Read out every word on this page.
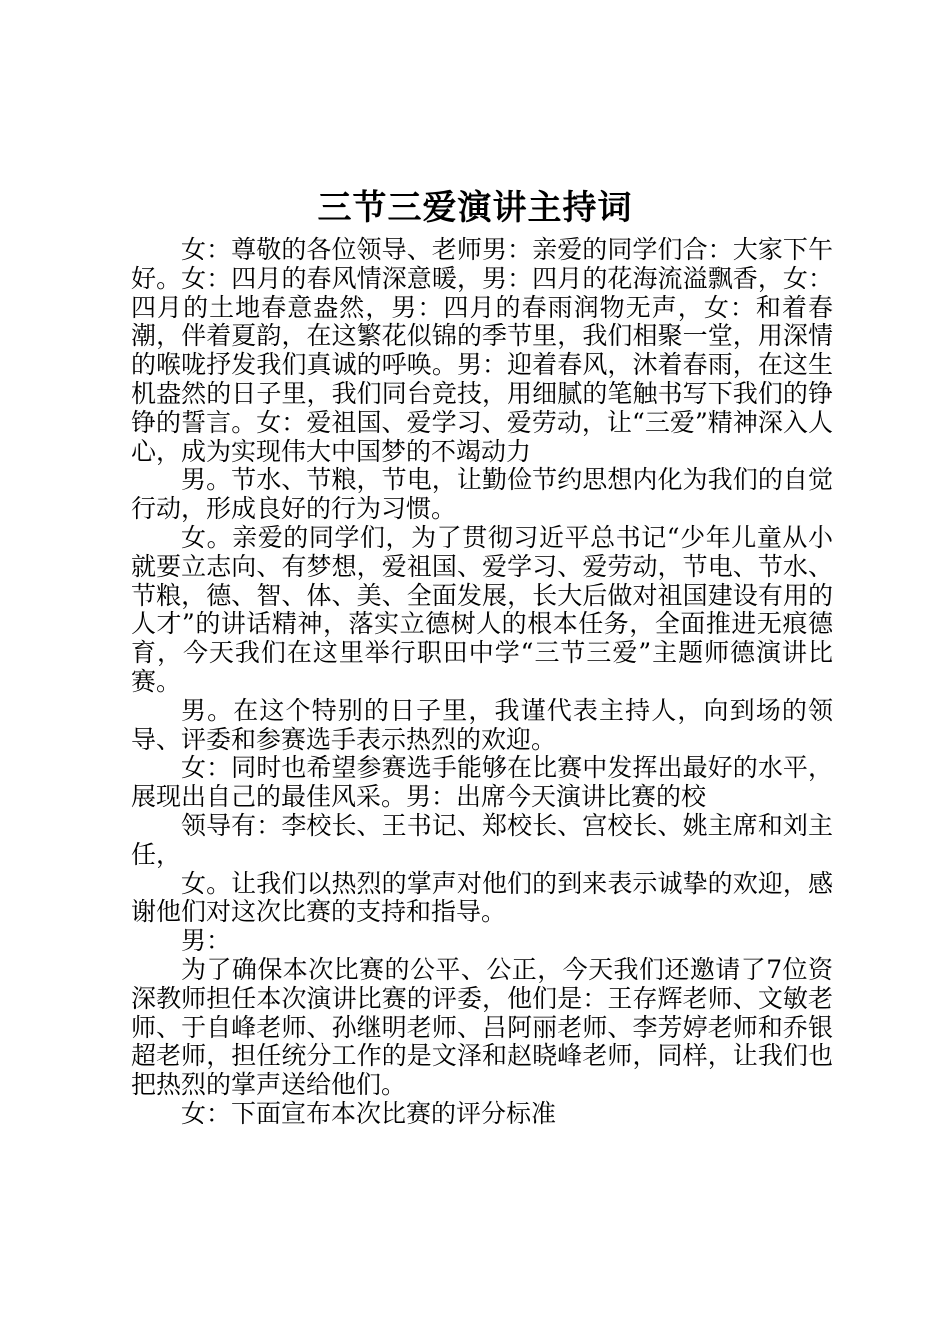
三节三爱演讲主持词

女：尊敬的各位领导、老师男：亲爱的同学们合：大家下午好。女：四月的春风情深意暖，男：四月的花海流溢飘香，女：四月的土地春意盎然，男：四月的春雨润物无声，女：和着春潮，伴着夏韵，在这繁花似锦的季节里，我们相聚一堂，用深情的喉咙抒发我们真诚的呼唤。男：迎着春风，沐着春雨，在这生机盎然的日子里，我们同台竞技，用细腻的笔触书写下我们的铮铮的誓言。女：爱祖国、爱学习、爱劳动，让“三爱”精神深入人心，成为实现伟大中国梦的不竭动力

男。节水、节粮，节电，让勤俭节约思想内化为我们的自觉行动，形成良好的行为习惯。

女。亲爱的同学们，为了贯彻习近平总书记“少年儿童从小就要立志向、有梦想，爱祖国、爱学习、爱劳动，节电、节水、节粮，德、智、体、美、全面发展，长大后做对祖国建设有用的人才”的讲话精神，落实立德树人的根本任务，全面推进无痕德育，今天我们在这里举行职田中学“三节三爱”主题师德演讲比赛。

男。在这个特别的日子里，我谨代表主持人，向到场的领导、评委和参赛选手表示热烈的欢迎。

女：同时也希望参赛选手能够在比赛中发挥出最好的水平，展现出自己的最佳风采。男：出席今天演讲比赛的校

领导有：李校长、王书记、郑校长、宫校长、姚主席和刘主任，

女。让我们以热烈的掌声对他们的到来表示诚挚的欢迎，感谢他们对这次比赛的支持和指导。

男：

为了确保本次比赛的公平、公正，今天我们还邀请了7位资深教师担任本次演讲比赛的评委，他们是：王存辉老师、文敏老师、于自峰老师、孙继明老师、吕阿丽老师、李芳婷老师和乔银超老师，担任统分工作的是文泽和赵晓峰老师，同样，让我们也把热烈的掌声送给他们。

女：下面宣布本次比赛的评分标准
